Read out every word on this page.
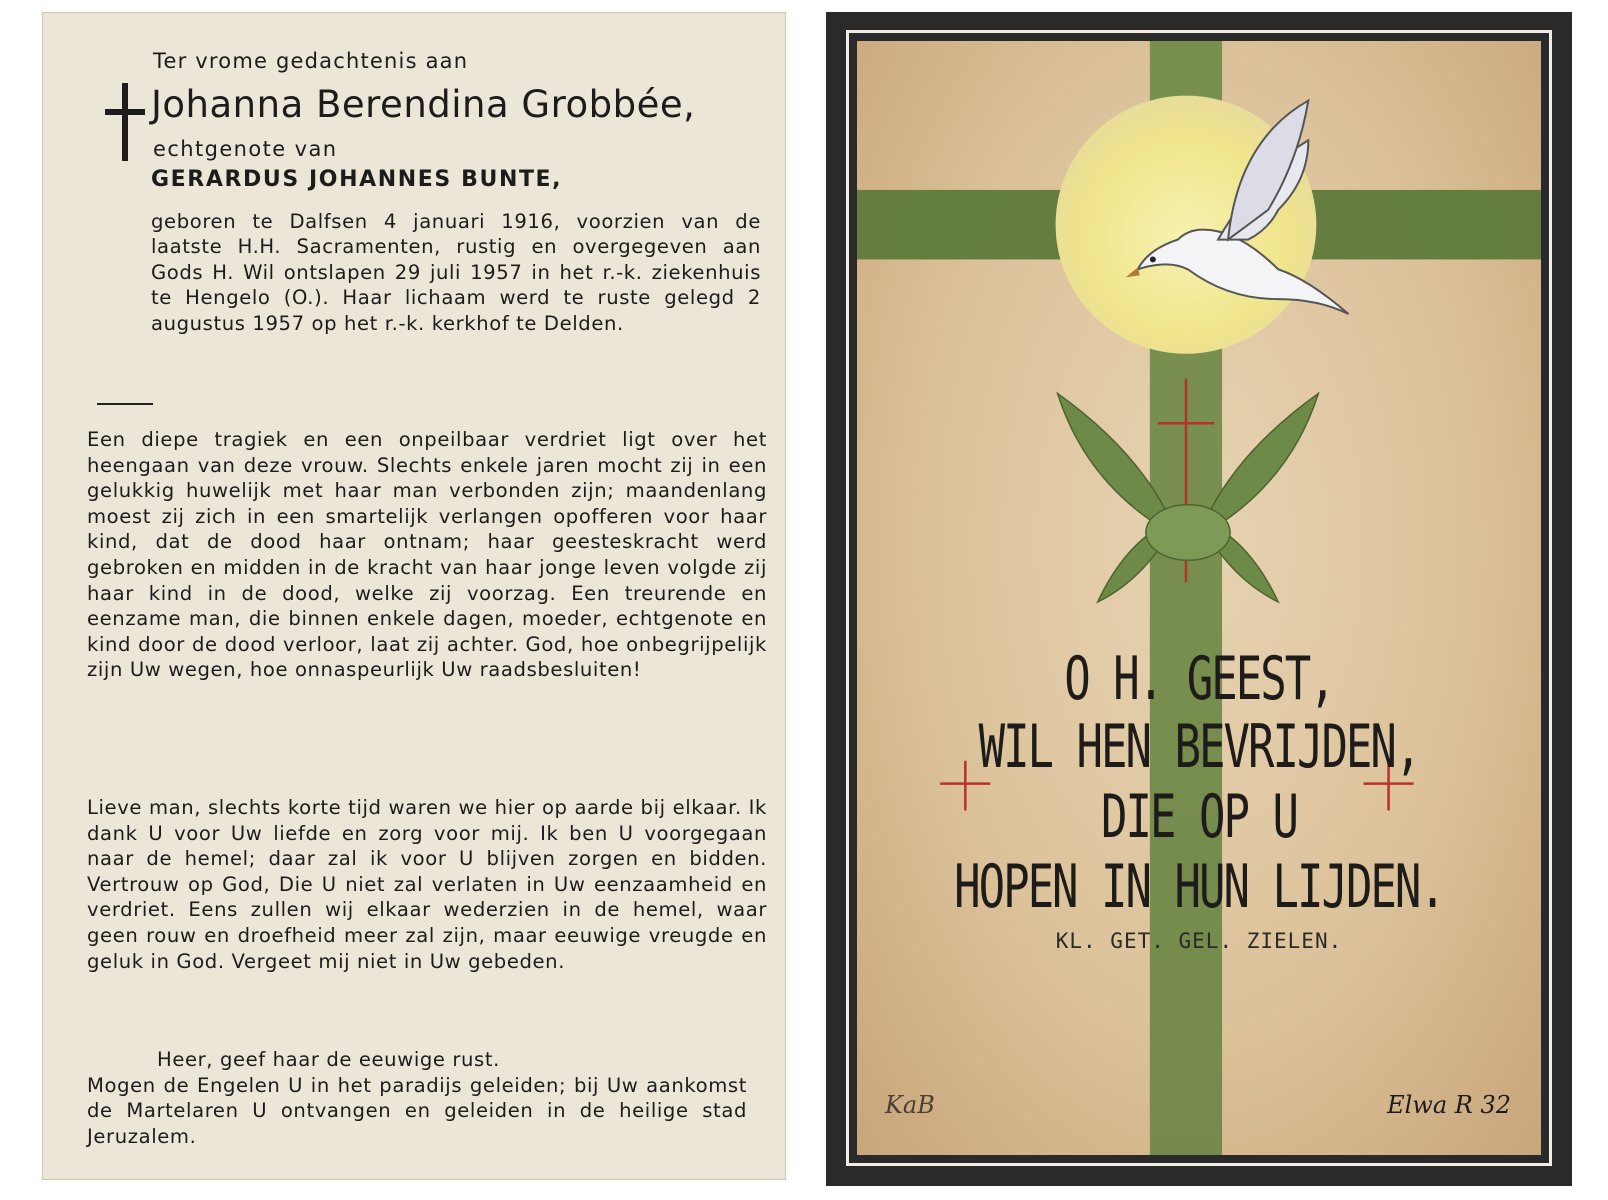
Ter vrome gedachtenis aan
Johanna Berendina Grobbée,
echtgenote van
GERARDUS JOHANNES BUNTE,
geboren te Dalfsen 4 januari 1916, voorzien van de laatste H.H. Sacramenten, rustig en overgegeven aan Gods H. Wil ontslapen 29 juli 1957 in het r.-k. ziekenhuis te Hengelo (O.). Haar lichaam werd te ruste gelegd 2 augustus 1957 op het r.-k. kerkhof te Delden.
Een diepe tragiek en een onpeilbaar verdriet ligt over het heengaan van deze vrouw. Slechts enkele jaren mocht zij in een gelukkig huwelijk met haar man verbonden zijn; maandenlang moest zij zich in een smartelijk verlangen opofferen voor haar kind, dat de dood haar ontnam; haar geesteskracht werd gebroken en midden in de kracht van haar jonge leven volgde zij haar kind in de dood, welke zij voorzag. Een treurende en eenzame man, die binnen enkele dagen, moeder, echtgenote en kind door de dood verloor, laat zij achter. God, hoe onbegrijpelijk zijn Uw wegen, hoe onnaspeurlijk Uw raadsbesluiten!
Lieve man, slechts korte tijd waren we hier op aarde bij elkaar. Ik dank U voor Uw liefde en zorg voor mij. Ik ben U voorgegaan naar de hemel; daar zal ik voor U blijven zorgen en bidden. Vertrouw op God, Die U niet zal verlaten in Uw eenzaamheid en verdriet. Eens zullen wij elkaar wederzien in de hemel, waar geen rouw en droefheid meer zal zijn, maar eeuwige vreugde en geluk in God. Vergeet mij niet in Uw gebeden.

Heer, geef haar de eeuwige rust.

Mogen de Engelen U in het paradijs geleiden; bij Uw aankomst de Martelaren U ontvangen en geleiden in de heilige stad Jeruzalem.

O H. GEEST,
WIL HEN BEVRIJDEN,
DIE OP U
HOPEN IN HUN LIJDEN.
KL. GET. GEL. ZIELEN.
KaB	Elwa R 32
